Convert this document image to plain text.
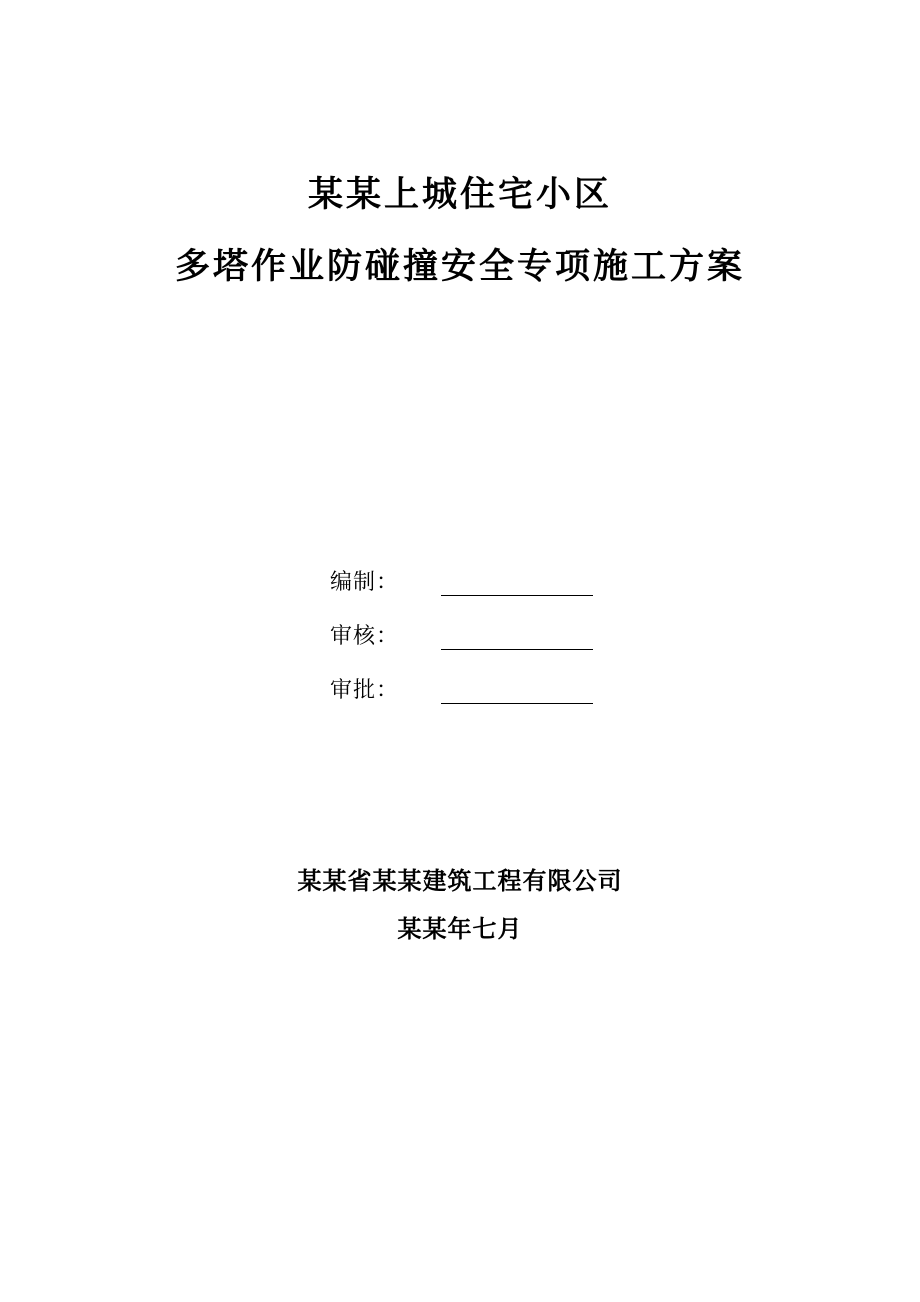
某某上城住宅小区
多塔作业防碰撞安全专项施工方案
编制：
审核：
审批：
某某省某某建筑工程有限公司
某某年七月
